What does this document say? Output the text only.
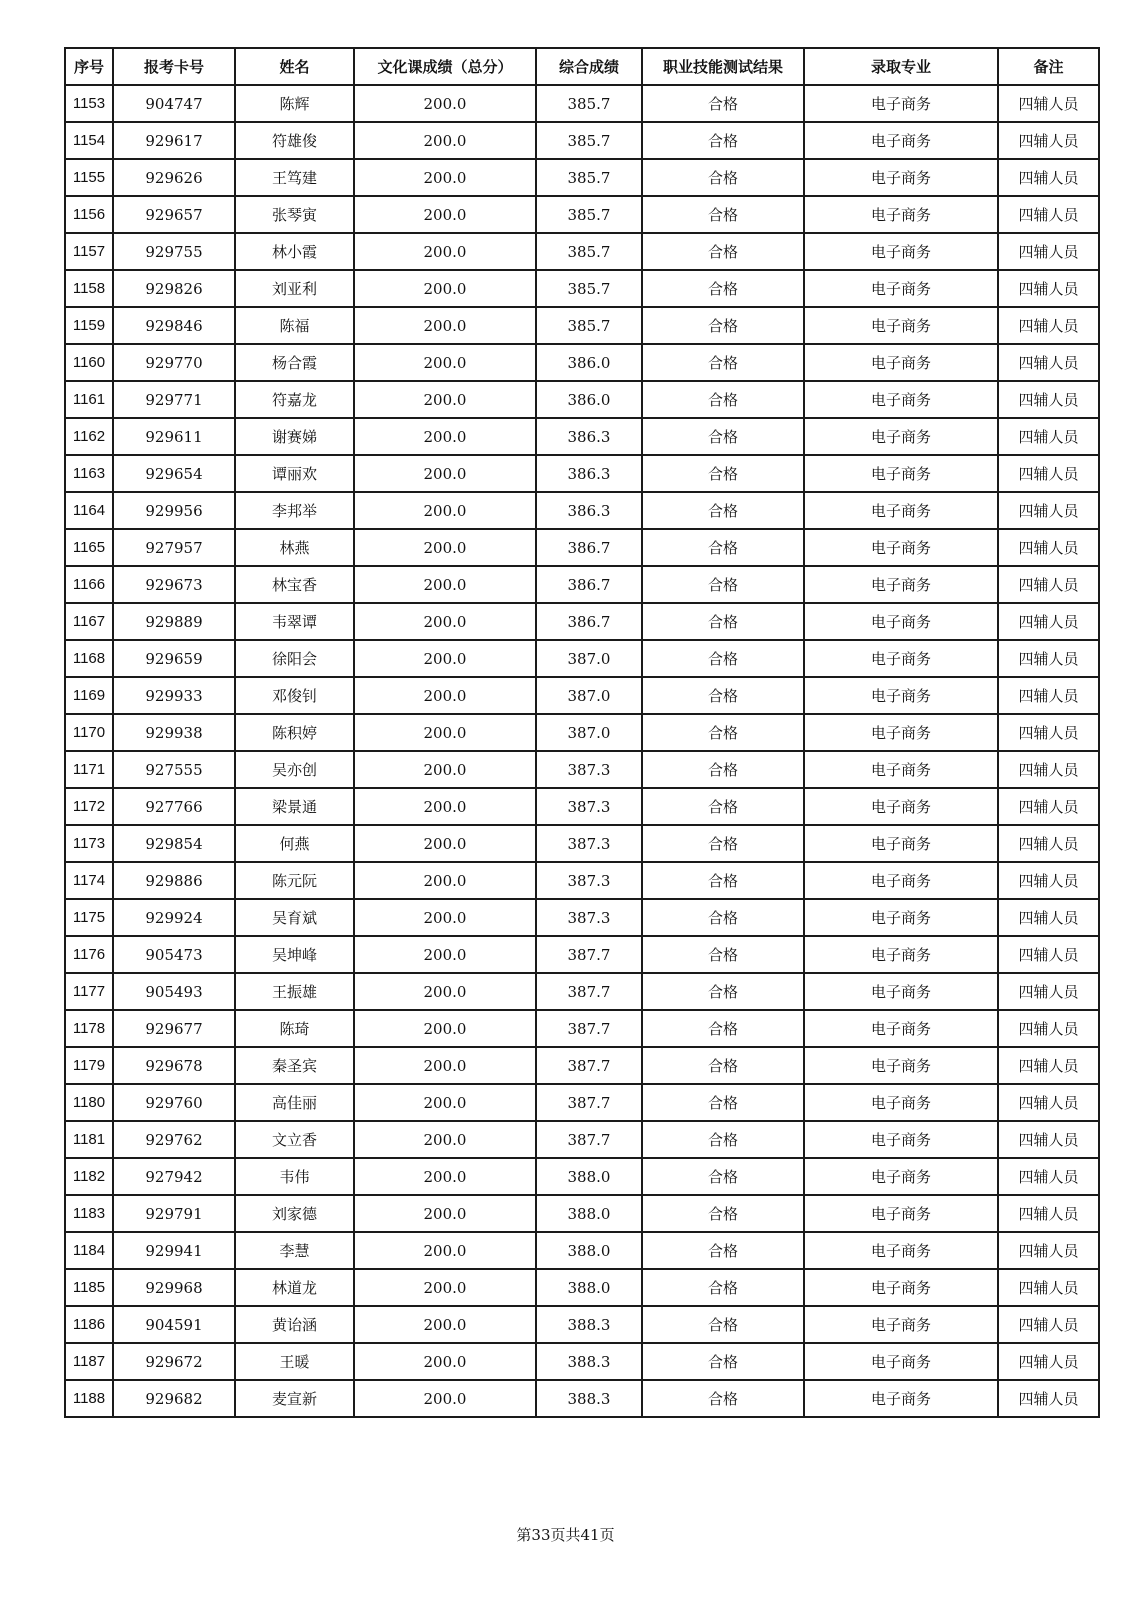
序号	报考卡号	姓名	文化课成绩（总分）	综合成绩	职业技能测试结果	录取专业	备注
1153	904747	陈辉	200.0	385.7	合格	电子商务	四辅人员
1154	929617	符雄俊	200.0	385.7	合格	电子商务	四辅人员
1155	929626	王笃建	200.0	385.7	合格	电子商务	四辅人员
1156	929657	张琴寅	200.0	385.7	合格	电子商务	四辅人员
1157	929755	林小霞	200.0	385.7	合格	电子商务	四辅人员
1158	929826	刘亚利	200.0	385.7	合格	电子商务	四辅人员
1159	929846	陈福	200.0	385.7	合格	电子商务	四辅人员
1160	929770	杨合霞	200.0	386.0	合格	电子商务	四辅人员
1161	929771	符嘉龙	200.0	386.0	合格	电子商务	四辅人员
1162	929611	谢赛娣	200.0	386.3	合格	电子商务	四辅人员
1163	929654	谭丽欢	200.0	386.3	合格	电子商务	四辅人员
1164	929956	李邦举	200.0	386.3	合格	电子商务	四辅人员
1165	927957	林燕	200.0	386.7	合格	电子商务	四辅人员
1166	929673	林宝香	200.0	386.7	合格	电子商务	四辅人员
1167	929889	韦翠谭	200.0	386.7	合格	电子商务	四辅人员
1168	929659	徐阳会	200.0	387.0	合格	电子商务	四辅人员
1169	929933	邓俊钊	200.0	387.0	合格	电子商务	四辅人员
1170	929938	陈积婷	200.0	387.0	合格	电子商务	四辅人员
1171	927555	吴亦创	200.0	387.3	合格	电子商务	四辅人员
1172	927766	梁景通	200.0	387.3	合格	电子商务	四辅人员
1173	929854	何燕	200.0	387.3	合格	电子商务	四辅人员
1174	929886	陈元阮	200.0	387.3	合格	电子商务	四辅人员
1175	929924	吴育斌	200.0	387.3	合格	电子商务	四辅人员
1176	905473	吴坤峰	200.0	387.7	合格	电子商务	四辅人员
1177	905493	王振雄	200.0	387.7	合格	电子商务	四辅人员
1178	929677	陈琦	200.0	387.7	合格	电子商务	四辅人员
1179	929678	秦圣宾	200.0	387.7	合格	电子商务	四辅人员
1180	929760	高佳丽	200.0	387.7	合格	电子商务	四辅人员
1181	929762	文立香	200.0	387.7	合格	电子商务	四辅人员
1182	927942	韦伟	200.0	388.0	合格	电子商务	四辅人员
1183	929791	刘家德	200.0	388.0	合格	电子商务	四辅人员
1184	929941	李慧	200.0	388.0	合格	电子商务	四辅人员
1185	929968	林道龙	200.0	388.0	合格	电子商务	四辅人员
1186	904591	黄诒涵	200.0	388.3	合格	电子商务	四辅人员
1187	929672	王暖	200.0	388.3	合格	电子商务	四辅人员
1188	929682	麦宣新	200.0	388.3	合格	电子商务	四辅人员
第33页共41页
